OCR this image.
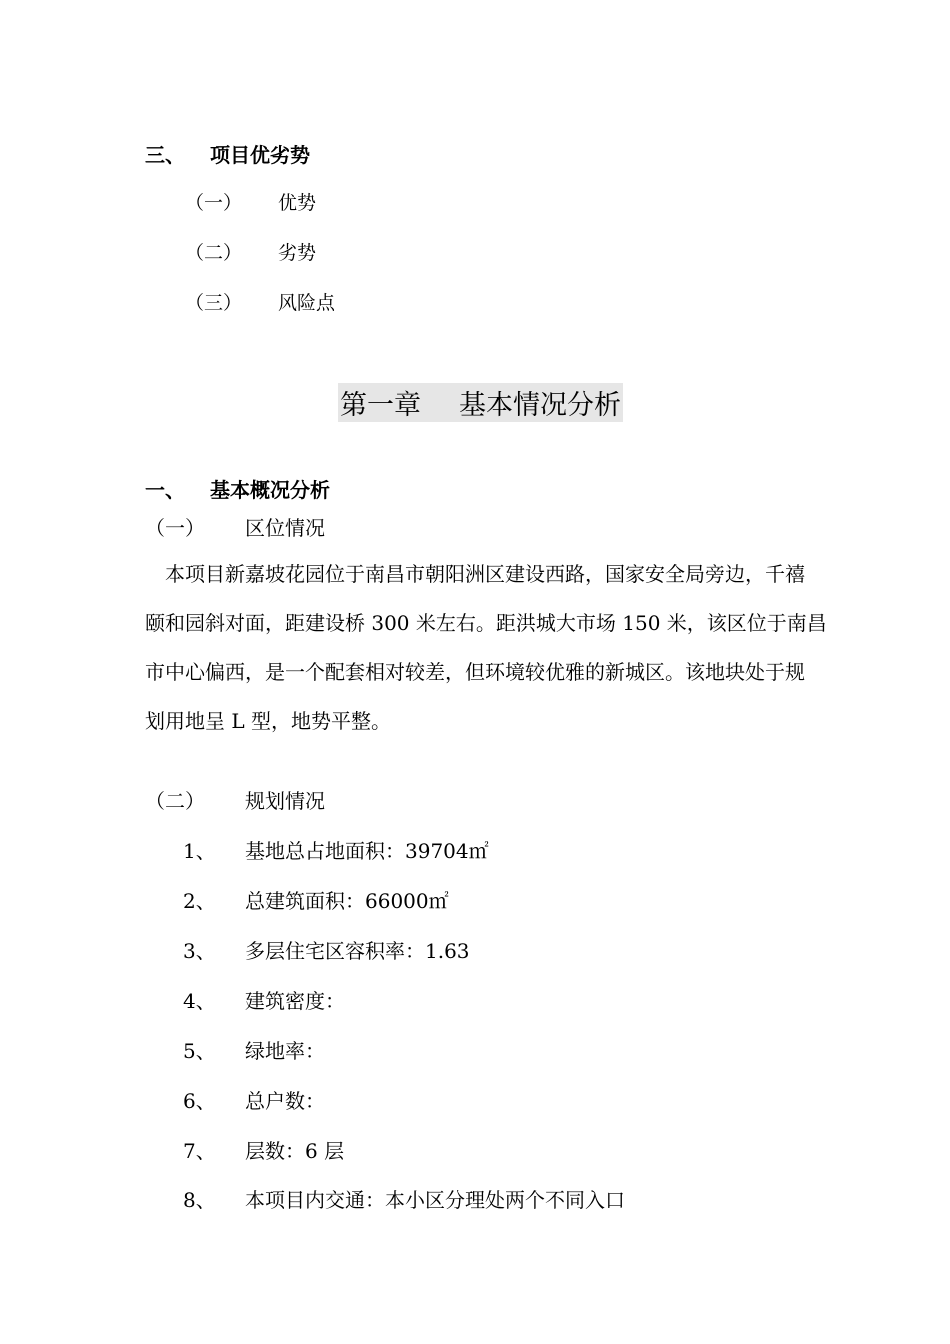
三、 项目优劣势
（一） 优势
（二） 劣势
（三） 风险点
第一章 基本情况分析
一、 基本概况分析
（一） 区位情况
本项目新嘉坡花园位于南昌市朝阳洲区建设西路，国家安全局旁边，千禧
颐和园斜对面，距建设桥 300 米左右。距洪城大市场 150 米，该区位于南昌
市中心偏西，是一个配套相对较差，但环境较优雅的新城区。该地块处于规
划用地呈 L 型，地势平整。
（二） 规划情况
1、 基地总占地面积：39704㎡
2、 总建筑面积：66000㎡
3、 多层住宅区容积率：1.63
4、 建筑密度：
5、 绿地率：
6、 总户数：
7、 层数：6 层
8、 本项目内交通：本小区分理处两个不同入口
